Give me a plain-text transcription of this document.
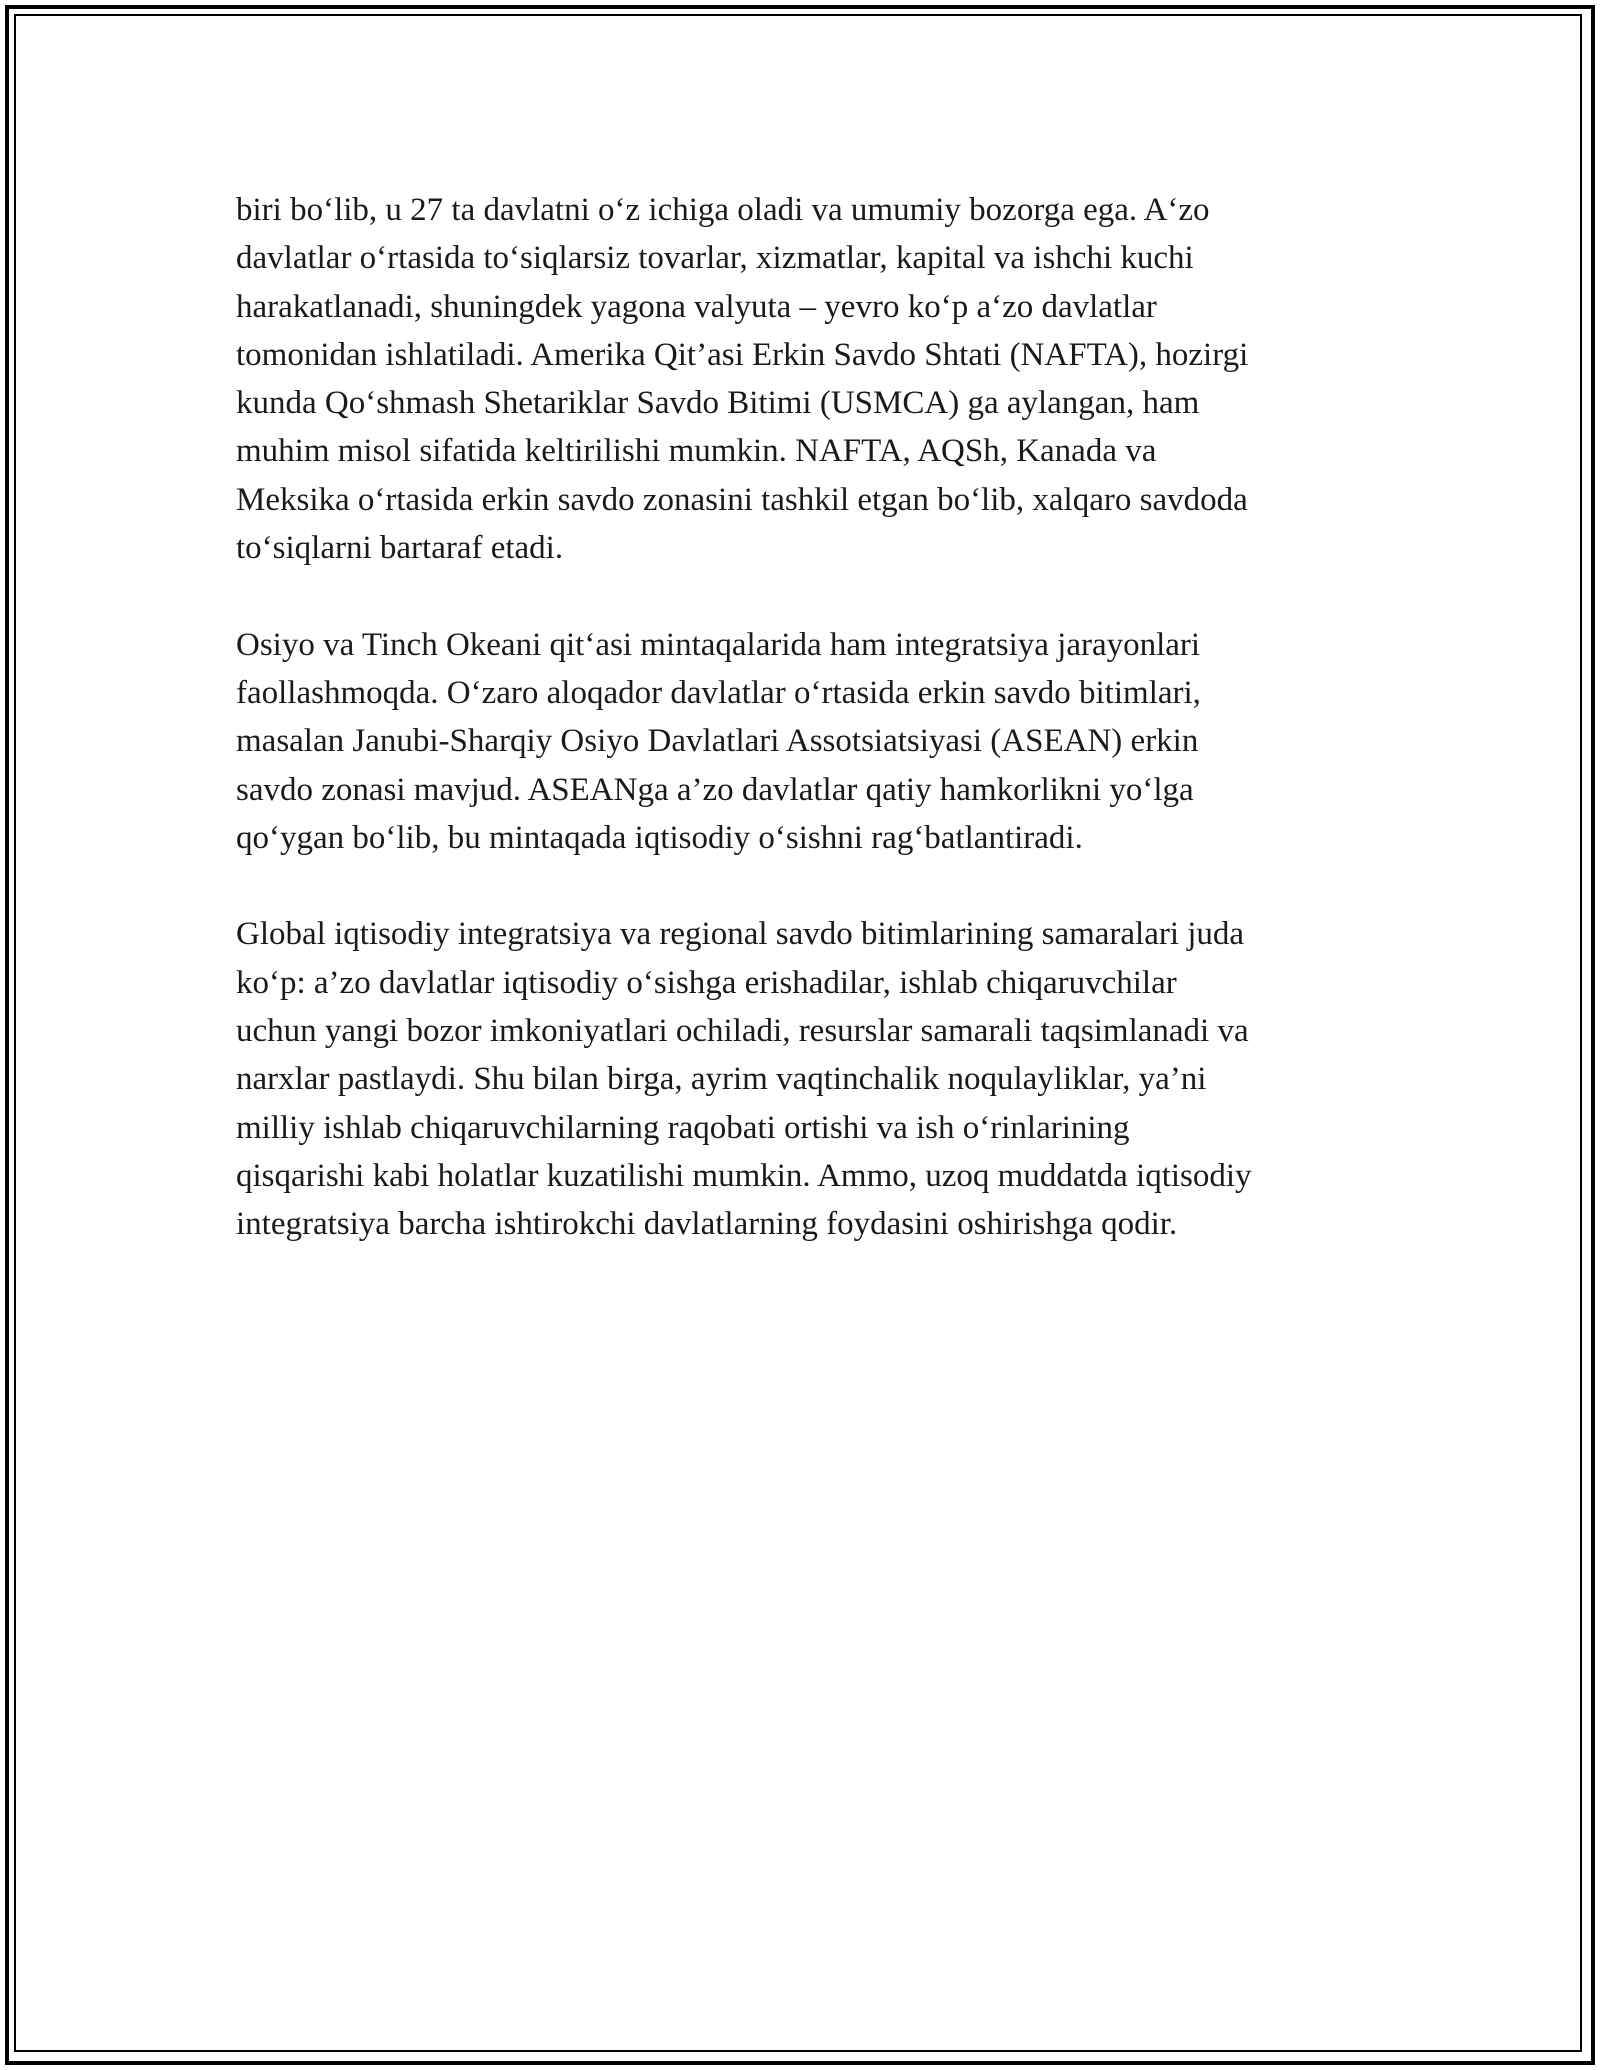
biri bo‘lib, u 27 ta davlatni o‘z ichiga oladi va umumiy bozorga ega. A‘zo
davlatlar o‘rtasida to‘siqlarsiz tovarlar, xizmatlar, kapital va ishchi kuchi
harakatlanadi, shuningdek yagona valyuta – yevro ko‘p a‘zo davlatlar
tomonidan ishlatiladi. Amerika Qit’asi Erkin Savdo Shtati (NAFTA), hozirgi
kunda Qo‘shmash Shetariklar Savdo Bitimi (USMCA) ga aylangan, ham
muhim misol sifatida keltirilishi mumkin. NAFTA, AQSh, Kanada va
Meksika o‘rtasida erkin savdo zonasini tashkil etgan bo‘lib, xalqaro savdoda
to‘siqlarni bartaraf etadi.

Osiyo va Tinch Okeani qit‘asi mintaqalarida ham integratsiya jarayonlari
faollashmoqda. O‘zaro aloqador davlatlar o‘rtasida erkin savdo bitimlari,
masalan Janubi-Sharqiy Osiyo Davlatlari Assotsiatsiyasi (ASEAN) erkin
savdo zonasi mavjud. ASEANga a’zo davlatlar qatiy hamkorlikni yo‘lga
qo‘ygan bo‘lib, bu mintaqada iqtisodiy o‘sishni rag‘batlantiradi.

Global iqtisodiy integratsiya va regional savdo bitimlarining samaralari juda
ko‘p: a’zo davlatlar iqtisodiy o‘sishga erishadilar, ishlab chiqaruvchilar
uchun yangi bozor imkoniyatlari ochiladi, resurslar samarali taqsimlanadi va
narxlar pastlaydi. Shu bilan birga, ayrim vaqtinchalik noqulayliklar, ya’ni
milliy ishlab chiqaruvchilarning raqobati ortishi va ish o‘rinlarining
qisqarishi kabi holatlar kuzatilishi mumkin. Ammo, uzoq muddatda iqtisodiy
integratsiya barcha ishtirokchi davlatlarning foydasini oshirishga qodir.
